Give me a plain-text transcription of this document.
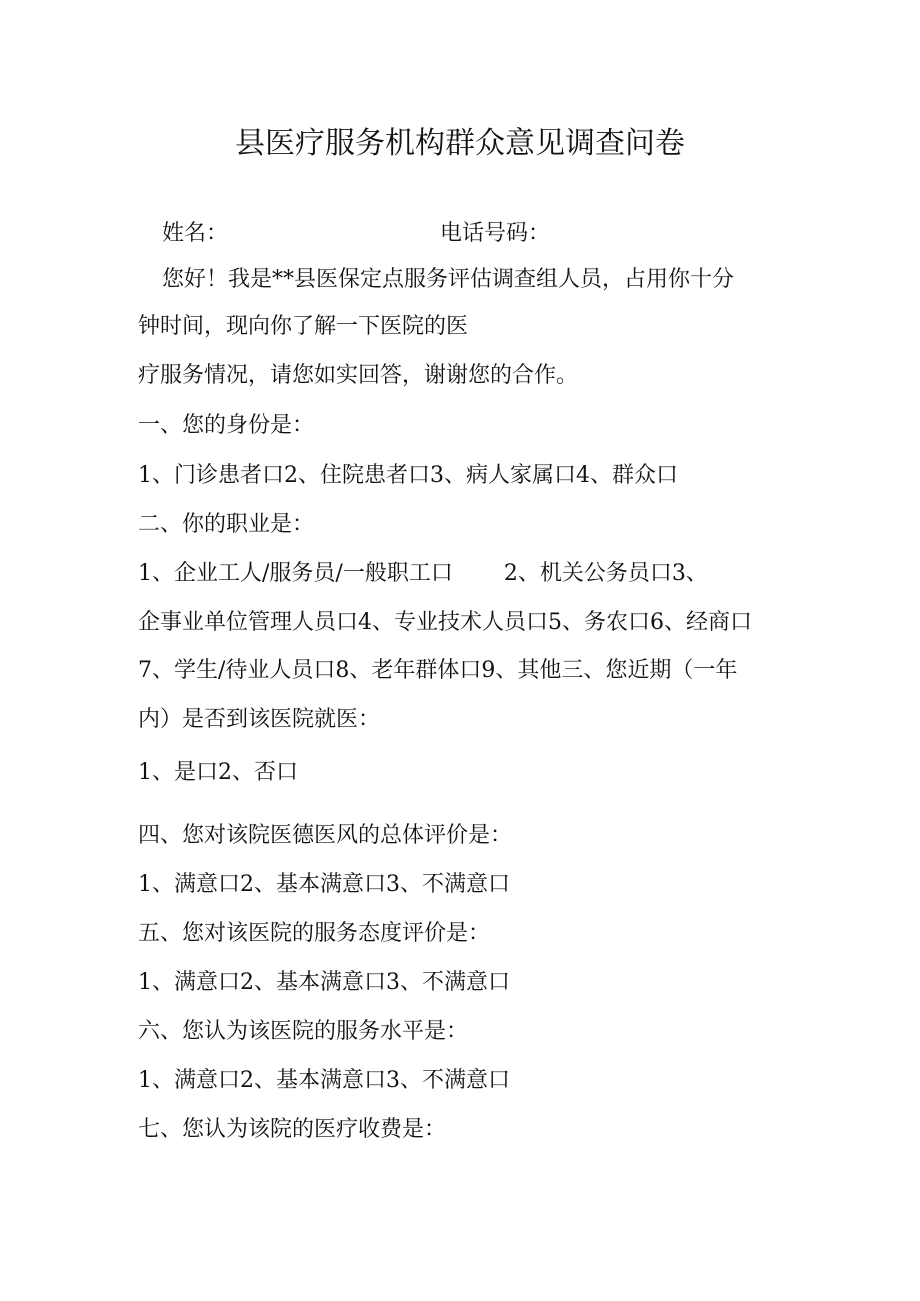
县医疗服务机构群众意见调查问卷
姓名：	电话号码：
您好！我是**县医保定点服务评估调查组人员，占用你十分
钟时间，现向你了解一下医院的医
疗服务情况，请您如实回答，谢谢您的合作。
一、您的身份是：
1、门诊患者口2、住院患者口3、病人家属口4、群众口
二、你的职业是：
1、企业工人/服务员/一般职工口　　 2、机关公务员口3、
企事业单位管理人员口4、专业技术人员口5、务农口6、经商口
7、学生/待业人员口8、老年群体口9、其他三、您近期（一年
内）是否到该医院就医：
1、是口2、否口
四、您对该院医德医风的总体评价是：
1、满意口2、基本满意口3、不满意口
五、您对该医院的服务态度评价是：
1、满意口2、基本满意口3、不满意口
六、您认为该医院的服务水平是：
1、满意口2、基本满意口3、不满意口
七、您认为该院的医疗收费是：
